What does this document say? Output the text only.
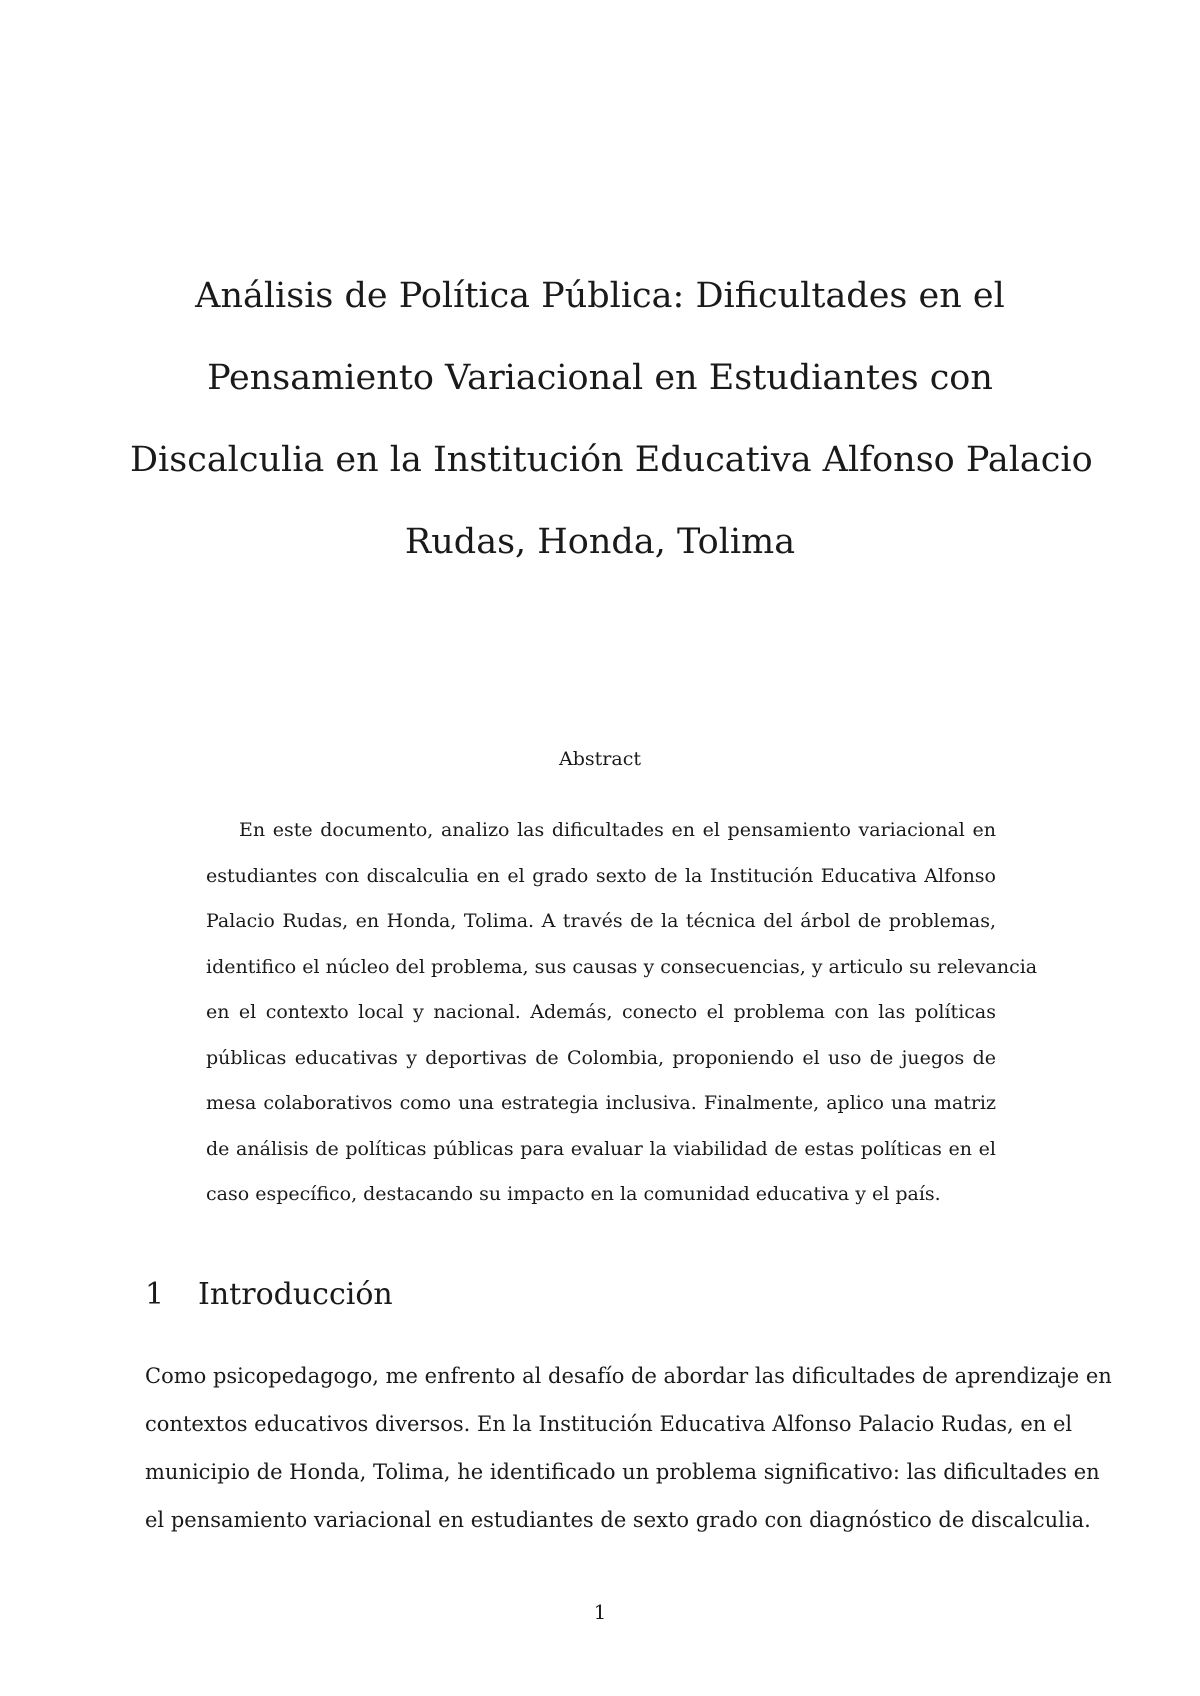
Análisis de Política Pública: Dificultades en el
Pensamiento Variacional en Estudiantes con
Discalculia en la Institución Educativa Alfonso Palacio
Rudas, Honda, Tolima
Abstract

En este documento, analizo las dificultades en el pensamiento variacional en
estudiantes con discalculia en el grado sexto de la Institución Educativa Alfonso
Palacio Rudas, en Honda, Tolima. A través de la técnica del árbol de problemas,
identifico el núcleo del problema, sus causas y consecuencias, y articulo su relevancia
en el contexto local y nacional. Además, conecto el problema con las políticas
públicas educativas y deportivas de Colombia, proponiendo el uso de juegos de
mesa colaborativos como una estrategia inclusiva. Finalmente, aplico una matriz
de análisis de políticas públicas para evaluar la viabilidad de estas políticas en el
caso específico, destacando su impacto en la comunidad educativa y el país.

1 Introducción

Como psicopedagogo, me enfrento al desafío de abordar las dificultades de aprendizaje en
contextos educativos diversos. En la Institución Educativa Alfonso Palacio Rudas, en el
municipio de Honda, Tolima, he identificado un problema significativo: las dificultades en
el pensamiento variacional en estudiantes de sexto grado con diagnóstico de discalculia.

1
